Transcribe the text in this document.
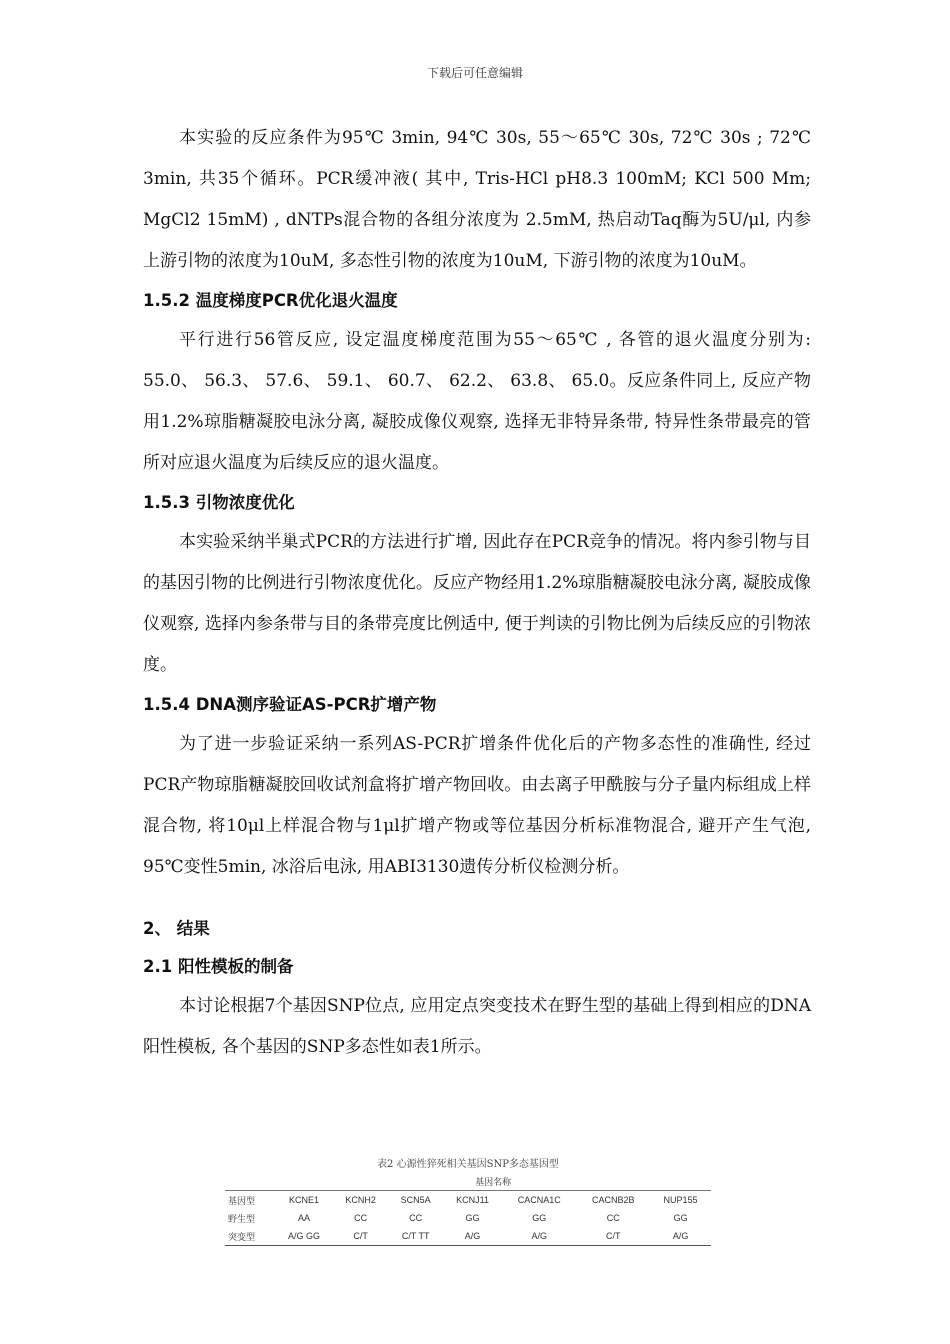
下载后可任意编辑

本实验的反应条件为95℃ 3min, 94℃ 30s, 55～65℃ 30s, 72℃ 30s ; 72℃ 3min, 共35个循环。PCR缓冲液( 其中, Tris-HCl pH8.3 100mM; KCl 500 Mm; MgCl2 15mM) , dNTPs混合物的各组分浓度为 2.5mM, 热启动Taq酶为5U/μl, 内参上游引物的浓度为10uM, 多态性引物的浓度为10uM, 下游引物的浓度为10uM。

1.5.2 温度梯度PCR优化退火温度

平行进行56管反应, 设定温度梯度范围为55～65℃ , 各管的退火温度分别为: 55.0、 56.3、 57.6、 59.1、 60.7、 62.2、 63.8、 65.0。反应条件同上, 反应产物用1.2%琼脂糖凝胶电泳分离, 凝胶成像仪观察, 选择无非特异条带, 特异性条带最亮的管所对应退火温度为后续反应的退火温度。

1.5.3 引物浓度优化

本实验采纳半巢式PCR的方法进行扩增, 因此存在PCR竞争的情况。将内参引物与目的基因引物的比例进行引物浓度优化。反应产物经用1.2%琼脂糖凝胶电泳分离, 凝胶成像仪观察, 选择内参条带与目的条带亮度比例适中, 便于判读的引物比例为后续反应的引物浓度。

1.5.4 DNA测序验证AS-PCR扩增产物

为了进一步验证采纳一系列AS-PCR扩增条件优化后的产物多态性的准确性, 经过PCR产物琼脂糖凝胶回收试剂盒将扩增产物回收。由去离子甲酰胺与分子量内标组成上样混合物, 将10μl上样混合物与1μl扩增产物或等位基因分析标准物混合, 避开产生气泡, 95℃变性5min, 冰浴后电泳, 用ABI3130遗传分析仪检测分析。

2、 结果

2.1 阳性模板的制备

本讨论根据7个基因SNP位点, 应用定点突变技术在野生型的基础上得到相应的DNA阳性模板, 各个基因的SNP多态性如表1所示。

表2 心源性猝死相关基因SNP多态基因型
	基因名称						
基因型	KCNE1	KCNH2	SCN5A	KCNJ11	CACNA1C	CACNB2B	NUP155
野生型	AA	CC	CC	GG	GG	CC	GG
突变型	A/G GG	C/T	C/T TT	A/G	A/G	C/T	A/G
